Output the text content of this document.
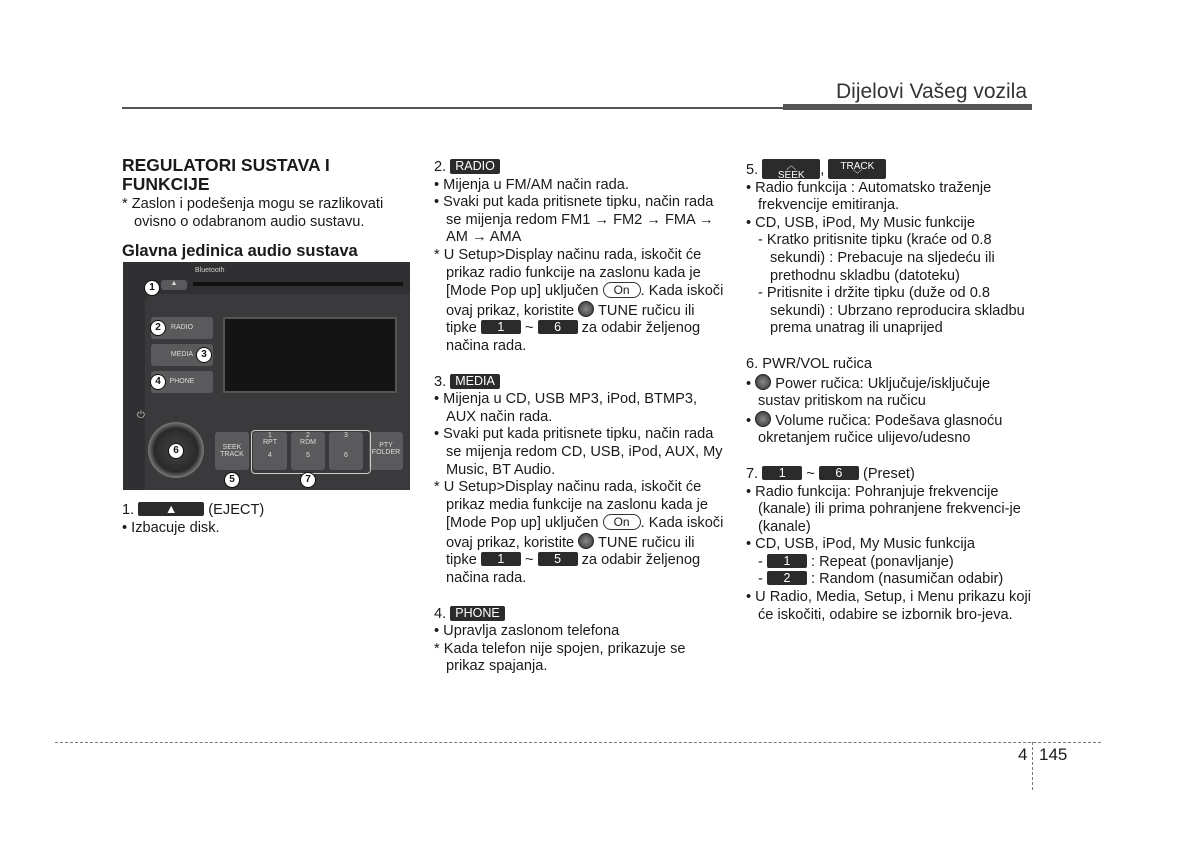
Dijelovi Vašeg vozila

REGULATORI SUSTAVA I FUNKCIJE

* Zaslon i podešenja mogu se razlikovati ovisno o odabranom audio sustavu.
Glavna jedinica audio sustava
Bluetooth
▲
RADIO
MEDIA
PHONE
⏻
SEEK TRACK
1
RPT
4
2
RDM
5
3

6
PTY FOLDER
1
2
3
4
5
6
7
1. ▲ (EJECT)
• Izbacuje disk.
2. RADIO
• Mijenja u FM/AM način rada.
• Svaki put kada pritisnete tipku, način rada se mijenja redom FM1 → FM2 → FMA → AM → AMA
* U Setup>Display načinu rada, iskočit će prikaz radio funkcije na zaslonu kada je [Mode Pop up] uključen On . Kada iskoči ovaj prikaz, koristite TUNE ručicu ili tipke 1 ~ 6 za odabir željenog načina rada.
3. MEDIA
• Mijenja u CD, USB MP3, iPod, BTMP3, AUX način rada.
• Svaki put kada pritisnete tipku, način rada se mijenja redom CD, USB, iPod, AUX, My Music, BT Audio.
* U Setup>Display načinu rada, iskočit će prikaz media funkcije na zaslonu kada je [Mode Pop up] uključen On . Kada iskoči ovaj prikaz, koristite TUNE ručicu ili tipke 1 ~ 5 za odabir željenog načina rada.
4. PHONE
• Upravlja zaslonom telefona
* Kada telefon nije spojen, prikazuje se prikaz spajanja.
5.	︿
SEEK , TRACK
﹀
• Radio funkcija : Automatsko traženje frekvencije emitiranja.
• CD, USB, iPod, My Music funkcije
- Kratko pritisnite tipku (kraće od 0.8 sekundi) : Prebacuje na sljedeću ili prethodnu skladbu (datoteku)
- Pritisnite i držite tipku (duže od 0.8 sekundi) : Ubrzano reproducira skladbu prema unatrag ili unaprijed
6. PWR/VOL ručica
•  Power ručica: Uključuje/isključuje sustav pritiskom na ručicu
•  Volume ručica: Podešava glasnoću okretanjem ručice ulijevo/udesno
7. 1 ~ 6 (Preset)
• Radio funkcija: Pohranjuje frekvencije (kanale) ili prima pohranjene frekvenci-je (kanale)
• CD, USB, iPod, My Music funkcija
- 1 : Repeat (ponavljanje)
- 2 : Random (nasumičan odabir)
• U Radio, Media, Setup, i Menu prikazu koji će iskočiti, odabire se izbornik bro-jeva.
4 145
